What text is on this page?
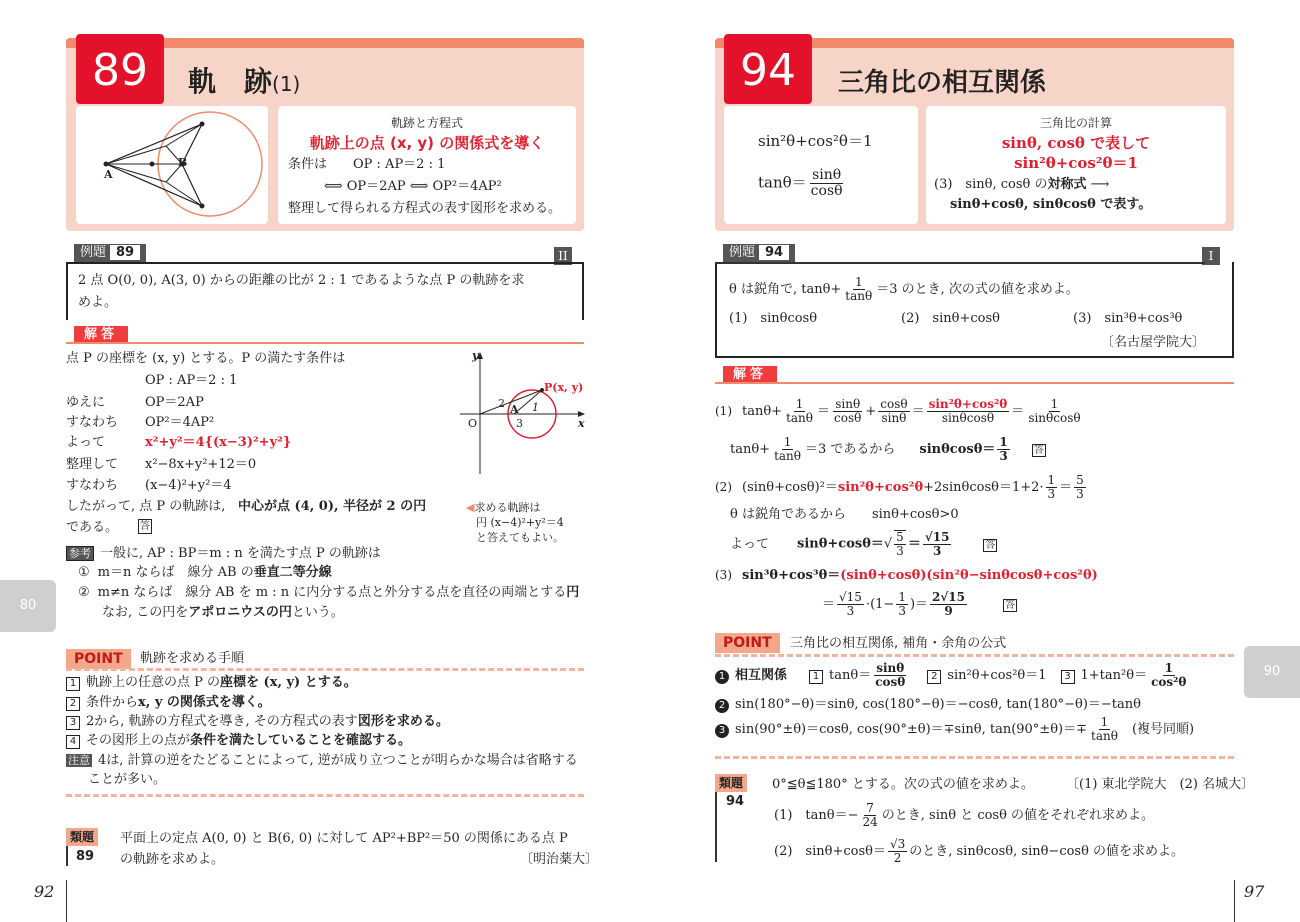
89	軌　跡(1)
A
B
軌跡と方程式
軌跡上の点 (x, y) の関係式を導く
条件は　　OP : AP＝2 : 1
⟺ OP＝2AP ⟺ OP²＝4AP²
整理して得られる方程式の表す図形を求める。
例題 89	II
2 点 O(0, 0), A(3, 0) からの距離の比が 2 : 1 であるような点 P の軌跡を求
めよ。
解答
点 P の座標を (x, y) とする。P の満たす条件は
OP : AP＝2 : 1
ゆえに	OP＝2AP
すなわち OP²＝4AP²
よって	x²+y²＝4{(x−3)²+y²}
整理して x²−8x+y²+12＝0
すなわち (x−4)²+y²＝4
したがって, 点 P の軌跡は, 中心が点 (4, 0), 半径が 2 の円
である。 答
y
x
O
P(x, y)
A
2 1
3
◀求める軌跡は
円 (x−4)²+y²＝4
と答えてもよい。
参考 一般に, AP : BP＝m : n を満たす点 P の軌跡は
① m＝n ならば　線分 AB の垂直二等分線
② m≠n ならば　線分 AB を m : n に内分する点と外分する点を直径の両端とする円
なお, この円をアポロニウスの円という。
POINT	軌跡を求める手順
1 軌跡上の任意の点 P の座標を (x, y) とする。
2 条件からx, y の関係式を導く。
3 2から, 軌跡の方程式を導き, その方程式の表す図形を求める。
4 その図形上の点が条件を満たしていることを確認する。
注意 4は, 計算の逆をたどることによって, 逆が成り立つことが明らかな場合は省略する
ことが多い。
類題
89
平面上の定点 A(0, 0) と B(6, 0) に対して AP²+BP²＝50 の関係にある点 P
の軌跡を求めよ。	〔明治薬大〕
92
80
94	三角比の相互関係
sin²θ+cos²θ＝1
$\tan\theta= \frac{\sin\theta}{\cos\theta}$
三角比の計算
sinθ, cosθ で表して
sin²θ+cos²θ＝1
(3)　sinθ, cosθ の対称式 ⟶
sinθ+cosθ, sinθcosθ で表す。
例題 94	I
θ は鋭角で, $\tan\theta+ \frac{1}{\tan\theta} =3$ のとき, 次の式の値を求めよ。
(1)　sinθcosθ	(2)　sinθ+cosθ	(3)　sin³θ+cos³θ
〔名古屋学院大〕
解答
(1) $\tan\theta+ \frac{1}{\tan\theta} = \frac{\sin\theta}{\cos\theta} + \frac{\cos\theta}{\sin\theta} = \frac{\text{sin²θ+cos²θ}}{\sin\theta\cos\theta} = \frac{1}{\sin\theta\cos\theta}$
$\tan\theta+ \frac{1}{\tan\theta} =3$ であるから $\sin\theta\cos\theta= \frac{1}{3}$ 答
(2) $(\sin\theta+\cos\theta)^2=\sin^2\theta+\cos^2\theta+2\sin\theta\cos\theta=1+2\cdot \frac{1}{3} = \frac{5}{3}$
θ は鋭角であるから　　sinθ+cosθ>0
よって $\sin\theta+\cos\theta=√ \frac{5}{3} = \frac{√15}{3}$	答
(3) sin³θ+cos³θ＝(sinθ+cosθ)(sin²θ−sinθcosθ+cos²θ)
＝ $\frac{√15}{3} \cdot(1- \frac{1}{3}$ )＝ $\frac{2√15}{9}$	答
POINT	三角比の相互関係, 補角・余角の公式
1 相互関係	1 $\tan\theta= \frac{\sin\theta}{\cos\theta} 2$ sin²θ+cos²θ＝1 3 $1+\tan^2\theta= \frac{1}{\text{cos²θ}}$
2 sin(180°−θ)＝sinθ, cos(180°−θ)＝−cosθ, tan(180°−θ)＝−tanθ
3 sin(90°±θ)＝cosθ, cos(90°±θ)＝∓sinθ, $\tan(90^\circ\pm\theta)=\mp \frac{1}{\tan\theta}$ (複号同順)
類題
94
0°≦θ≦180° とする。次の式の値を求めよ。 〔(1) 東北学院大　(2) 名城大〕
(1)　$\tan\theta=- \frac{7}{24}$ のとき, sinθ と cosθ の値をそれぞれ求めよ。
(2)　$\sin\theta+\cos\theta= \frac{√3}{2}$ のとき, sinθcosθ, sinθ−cosθ の値を求めよ。
97
90
